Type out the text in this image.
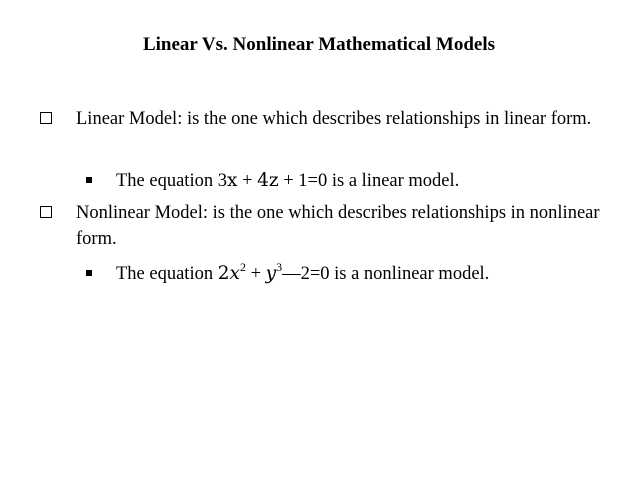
Linear Vs. Nonlinear Mathematical Models
Linear Model: is the one which describes relationships in linear form.
The equation 3x + 4z + 1=0 is a linear model.
Nonlinear Model: is the one which describes relationships in nonlinear form.
The equation $2x^2$ + $y^3—2=0$ is a nonlinear model.
